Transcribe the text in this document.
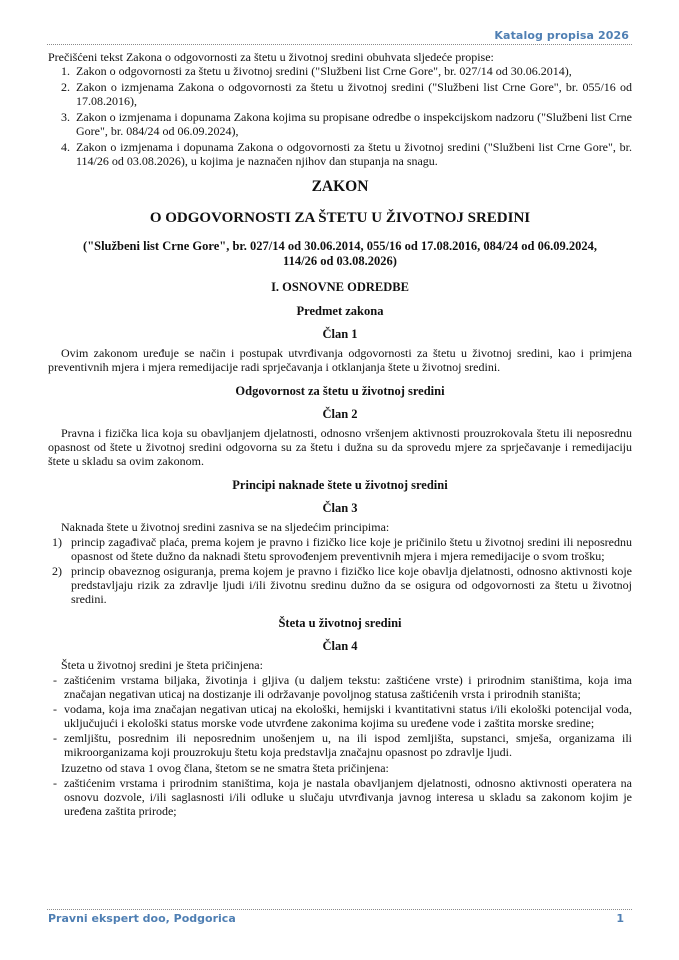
Katalog propisa 2026

Prečišćeni tekst Zakona o odgovornosti za štetu u životnoj sredini obuhvata sljedeće propise:

1. Zakon o odgovornosti za štetu u životnoj sredini ("Službeni list Crne Gore", br. 027/14 od 30.06.2014),
2. Zakon o izmjenama Zakona o odgovornosti za štetu u životnoj sredini ("Službeni list Crne Gore", br. 055/16 od 17.08.2016),
3. Zakon o izmjenama i dopunama Zakona kojima su propisane odredbe o inspekcijskom nadzoru ("Službeni list Crne Gore", br. 084/24 od 06.09.2024),
4. Zakon o izmjenama i dopunama Zakona o odgovornosti za štetu u životnoj sredini ("Službeni list Crne Gore", br. 114/26 od 03.08.2026), u kojima je naznačen njihov dan stupanja na snagu.
ZAKON
O ODGOVORNOSTI ZA ŠTETU U ŽIVOTNOJ SREDINI
("Službeni list Crne Gore", br. 027/14 od 30.06.2014, 055/16 od 17.08.2016, 084/24 od 06.09.2024, 114/26 od 03.08.2026)
I. OSNOVNE ODREDBE
Predmet zakona
Član 1

Ovim zakonom uređuje se način i postupak utvrđivanja odgovornosti za štetu u životnoj sredini, kao i primjena preventivnih mjera i mjera remedijacije radi sprječavanja i otklanjanja štete u životnoj sredini.

Odgovornost za štetu u životnoj sredini
Član 2

Pravna i fizička lica koja su obavljanjem djelatnosti, odnosno vršenjem aktivnosti prouzrokovala štetu ili neposrednu opasnost od štete u životnoj sredini odgovorna su za štetu i dužna su da sprovedu mjere za sprječavanje i remedijaciju štete u skladu sa ovim zakonom.

Principi naknade štete u životnoj sredini
Član 3

Naknada štete u životnoj sredini zasniva se na sljedećim principima:

1) princip zagađivač plaća, prema kojem je pravno i fizičko lice koje je pričinilo štetu u životnoj sredini ili neposrednu opasnost od štete dužno da naknadi štetu sprovođenjem preventivnih mjera i mjera remedijacije o svom trošku;
2) princip obaveznog osiguranja, prema kojem je pravno i fizičko lice koje obavlja djelatnosti, odnosno aktivnosti koje predstavljaju rizik za zdravlje ljudi i/ili životnu sredinu dužno da se osigura od odgovornosti za štetu u životnoj sredini.
Šteta u životnoj sredini
Član 4

Šteta u životnoj sredini je šteta pričinjena:

- zaštićenim vrstama biljaka, životinja i gljiva (u daljem tekstu: zaštićene vrste) i prirodnim staništima, koja ima značajan negativan uticaj na dostizanje ili održavanje povoljnog statusa zaštićenih vrsta i prirodnih staništa;
- vodama, koja ima značajan negativan uticaj na ekološki, hemijski i kvantitativni status i/ili ekološki potencijal voda, uključujući i ekološki status morske vode utvrđene zakonima kojima su uređene vode i zaštita morske sredine;
- zemljištu, posrednim ili neposrednim unošenjem u, na ili ispod zemljišta, supstanci, smješa, organizama ili mikroorganizama koji prouzrokuju štetu koja predstavlja značajnu opasnost po zdravlje ljudi.

Izuzetno od stava 1 ovog člana, štetom se ne smatra šteta pričinjena:

- zaštićenim vrstama i prirodnim staništima, koja je nastala obavljanjem djelatnosti, odnosno aktivnosti operatera na osnovu dozvole, i/ili saglasnosti i/ili odluke u slučaju utvrđivanja javnog interesa u skladu sa zakonom kojim je uređena zaštita prirode;
Pravni ekspert doo, Podgorica	1
